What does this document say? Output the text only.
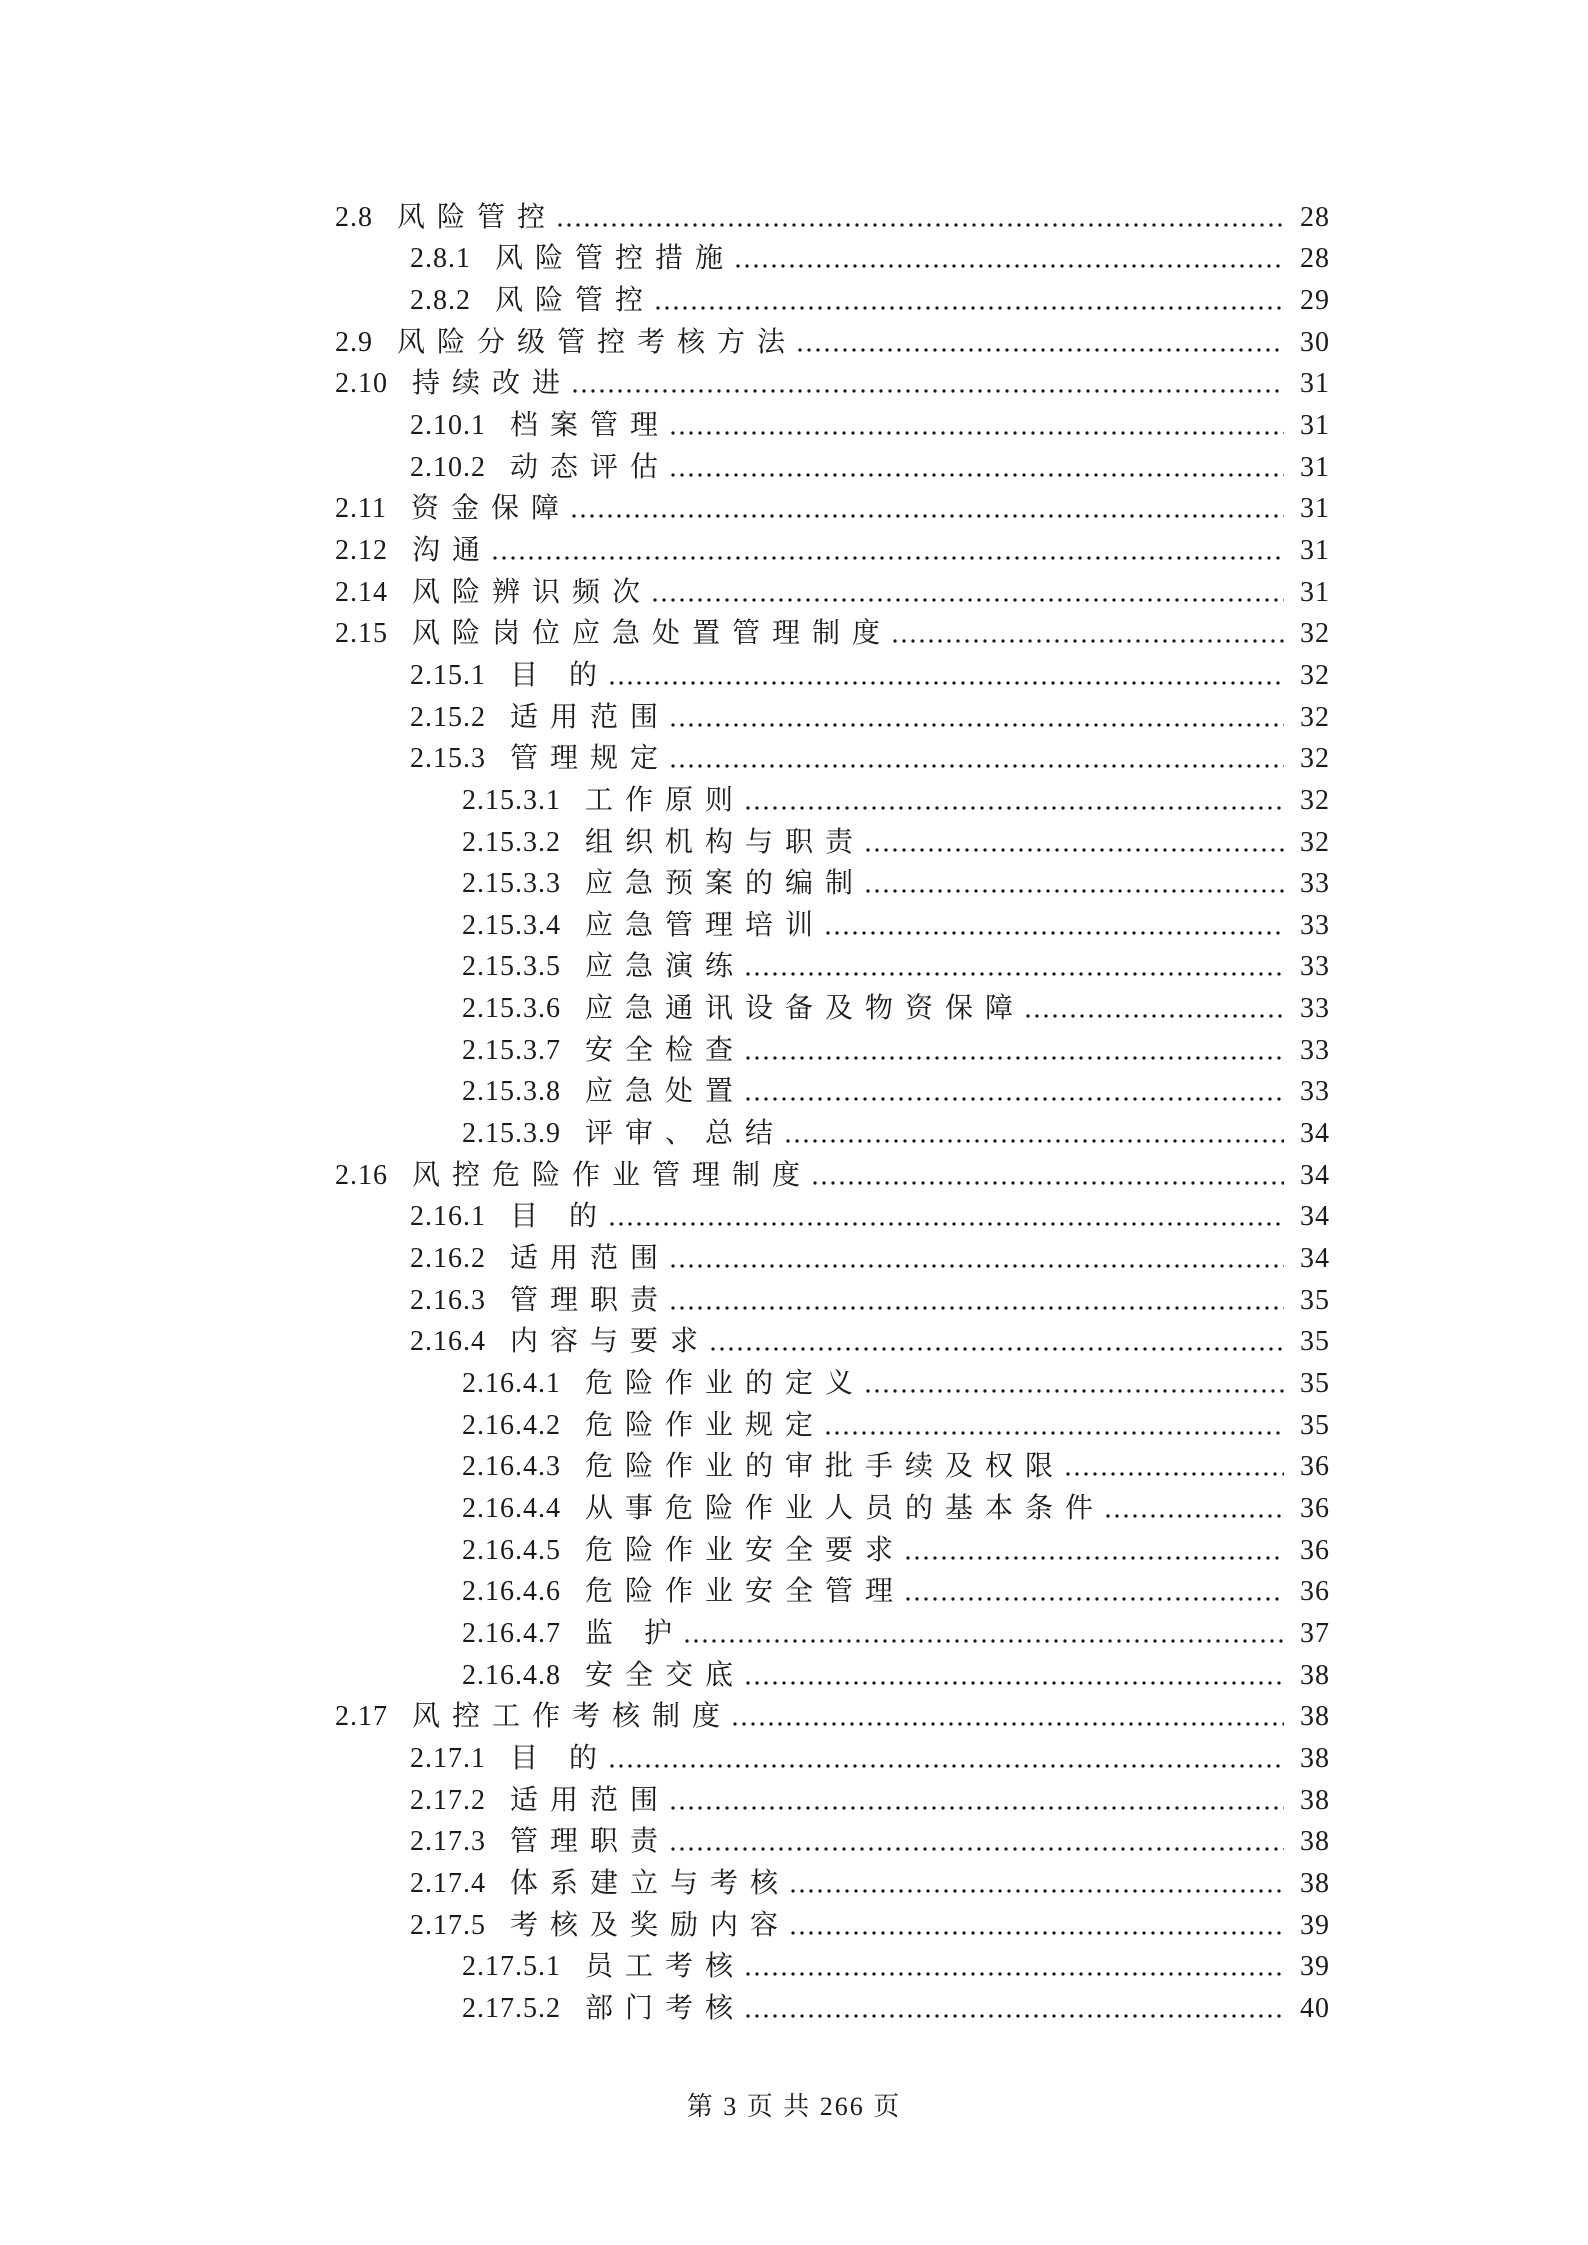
2.8 风险管控	28
2.8.1 风险管控措施	28
2.8.2 风险管控	29
2.9 风险分级管控考核方法	30
2.10 持续改进	31
2.10.1 档案管理	31
2.10.2 动态评估	31
2.11 资金保障	31
2.12 沟通	31
2.14 风险辨识频次	31
2.15 风险岗位应急处置管理制度	32
2.15.1 目 的	32
2.15.2 适用范围	32
2.15.3 管理规定	32
2.15.3.1 工作原则	32
2.15.3.2 组织机构与职责	32
2.15.3.3 应急预案的编制	33
2.15.3.4 应急管理培训	33
2.15.3.5 应急演练	33
2.15.3.6 应急通讯设备及物资保障	33
2.15.3.7 安全检查	33
2.15.3.8 应急处置	33
2.15.3.9 评审、总结	34
2.16 风控危险作业管理制度	34
2.16.1 目 的	34
2.16.2 适用范围	34
2.16.3 管理职责	35
2.16.4 内容与要求	35
2.16.4.1 危险作业的定义	35
2.16.4.2 危险作业规定	35
2.16.4.3 危险作业的审批手续及权限	36
2.16.4.4 从事危险作业人员的基本条件	36
2.16.4.5 危险作业安全要求	36
2.16.4.6 危险作业安全管理	36
2.16.4.7 监 护	37
2.16.4.8 安全交底	38
2.17 风控工作考核制度	38
2.17.1 目 的	38
2.17.2 适用范围	38
2.17.3 管理职责	38
2.17.4 体系建立与考核	38
2.17.5 考核及奖励内容	39
2.17.5.1 员工考核	39
2.17.5.2 部门考核	40
第 3 页 共 266 页
